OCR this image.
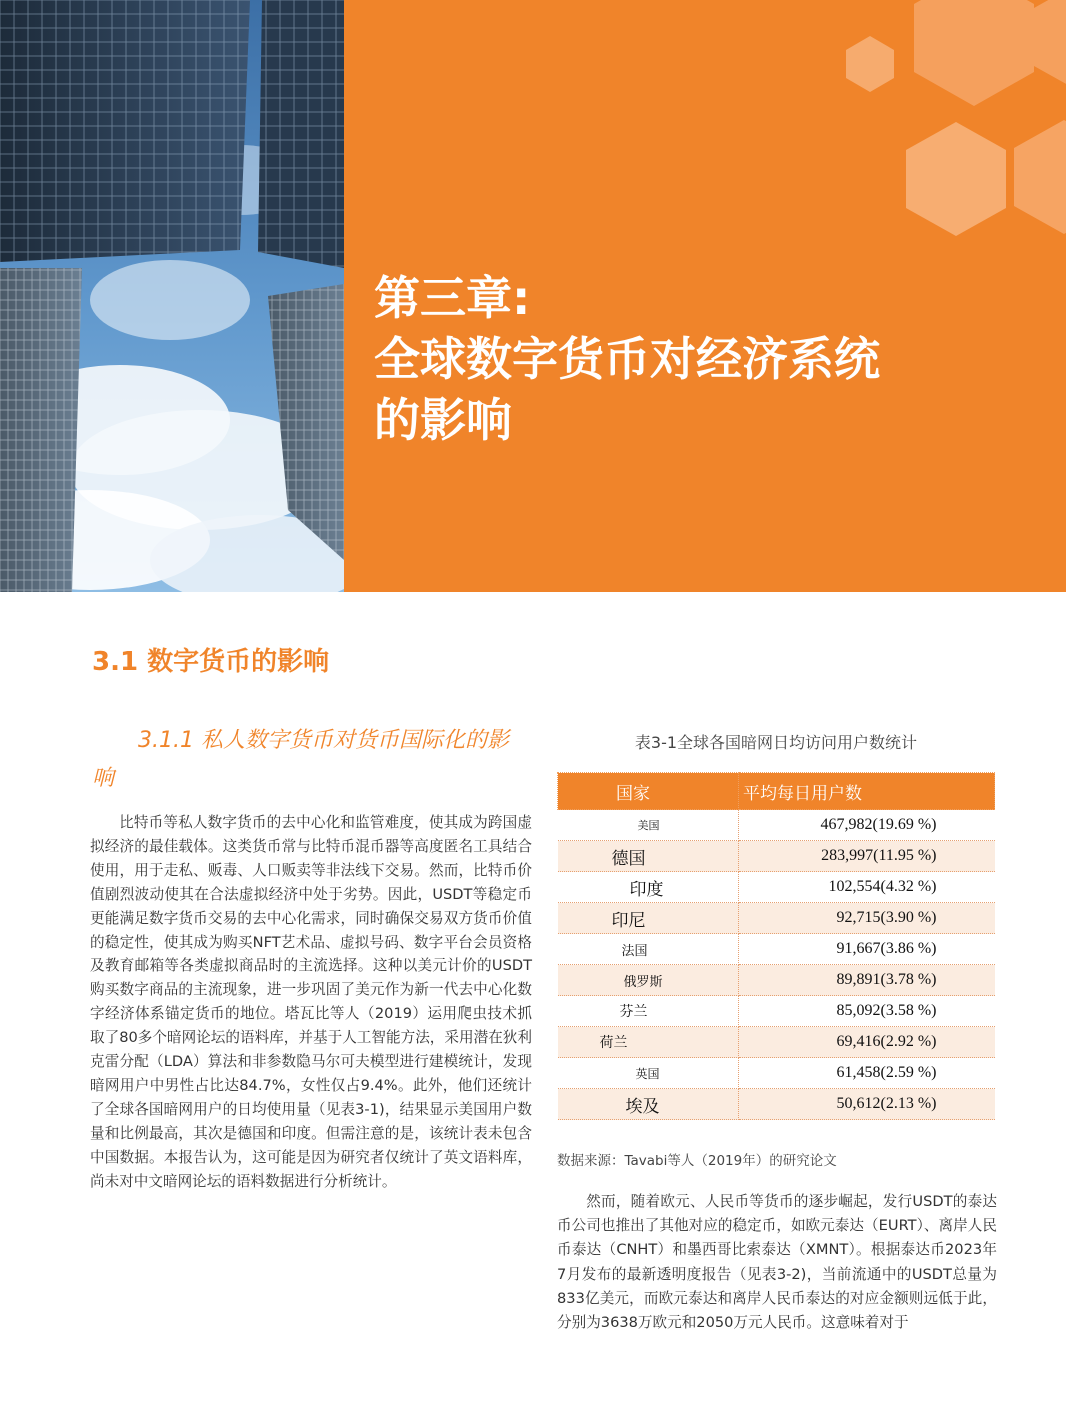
第三章:
全球数字货币对经济系统
的影响
3.1 数字货币的影响
3.1.1 私人数字货币对货币国际化的影
响
比特币等私人数字货币的去中心化和监管难度，使其成为跨国虚拟经济的最佳载体。这类货币常与比特币混币器等高度匿名工具结合使用，用于走私、贩毒、人口贩卖等非法线下交易。然而，比特币价值剧烈波动使其在合法虚拟经济中处于劣势。因此，USDT等稳定币更能满足数字货币交易的去中心化需求，同时确保交易双方货币价值的稳定性，使其成为购买NFT艺术品、虚拟号码、数字平台会员资格及教育邮箱等各类虚拟商品时的主流选择。这种以美元计价的USDT购买数字商品的主流现象，进一步巩固了美元作为新一代去中心化数字经济体系锚定货币的地位。塔瓦比等人（2019）运用爬虫技术抓取了80多个暗网论坛的语料库，并基于人工智能方法，采用潜在狄利克雷分配（LDA）算法和非参数隐马尔可夫模型进行建模统计，发现暗网用户中男性占比达84.7%，女性仅占9.4%。此外，他们还统计了全球各国暗网用户的日均使用量（见表3-1)，结果显示美国用户数量和比例最高，其次是德国和印度。但需注意的是，该统计表未包含中国数据。本报告认为，这可能是因为研究者仅统计了英文语料库，尚未对中文暗网论坛的语料数据进行分析统计。
表3-1全球各国暗网日均访问用户数统计
国家	平均每日用户数
美国	467,982(19.69 %)
德国	283,997(11.95 %)
印度	102,554(4.32 %)
印尼	92,715(3.90 %)
法国	91,667(3.86 %)
俄罗斯	89,891(3.78 %)
芬兰	85,092(3.58 %)
荷兰	69,416(2.92 %)
英国	61,458(2.59 %)
埃及	50,612(2.13 %)
数据来源：Tavabi等人（2019年）的研究论文
然而，随着欧元、人民币等货币的逐步崛起，发行USDT的泰达币公司也推出了其他对应的稳定币，如欧元泰达（EURT）、离岸人民币泰达（CNHT）和墨西哥比索泰达（XMNT）。根据泰达币2023年7月发布的最新透明度报告（见表3-2)，当前流通中的USDT总量为833亿美元，而欧元泰达和离岸人民币泰达的对应金额则远低于此，分别为3638万欧元和2050万元人民币。这意味着对于
